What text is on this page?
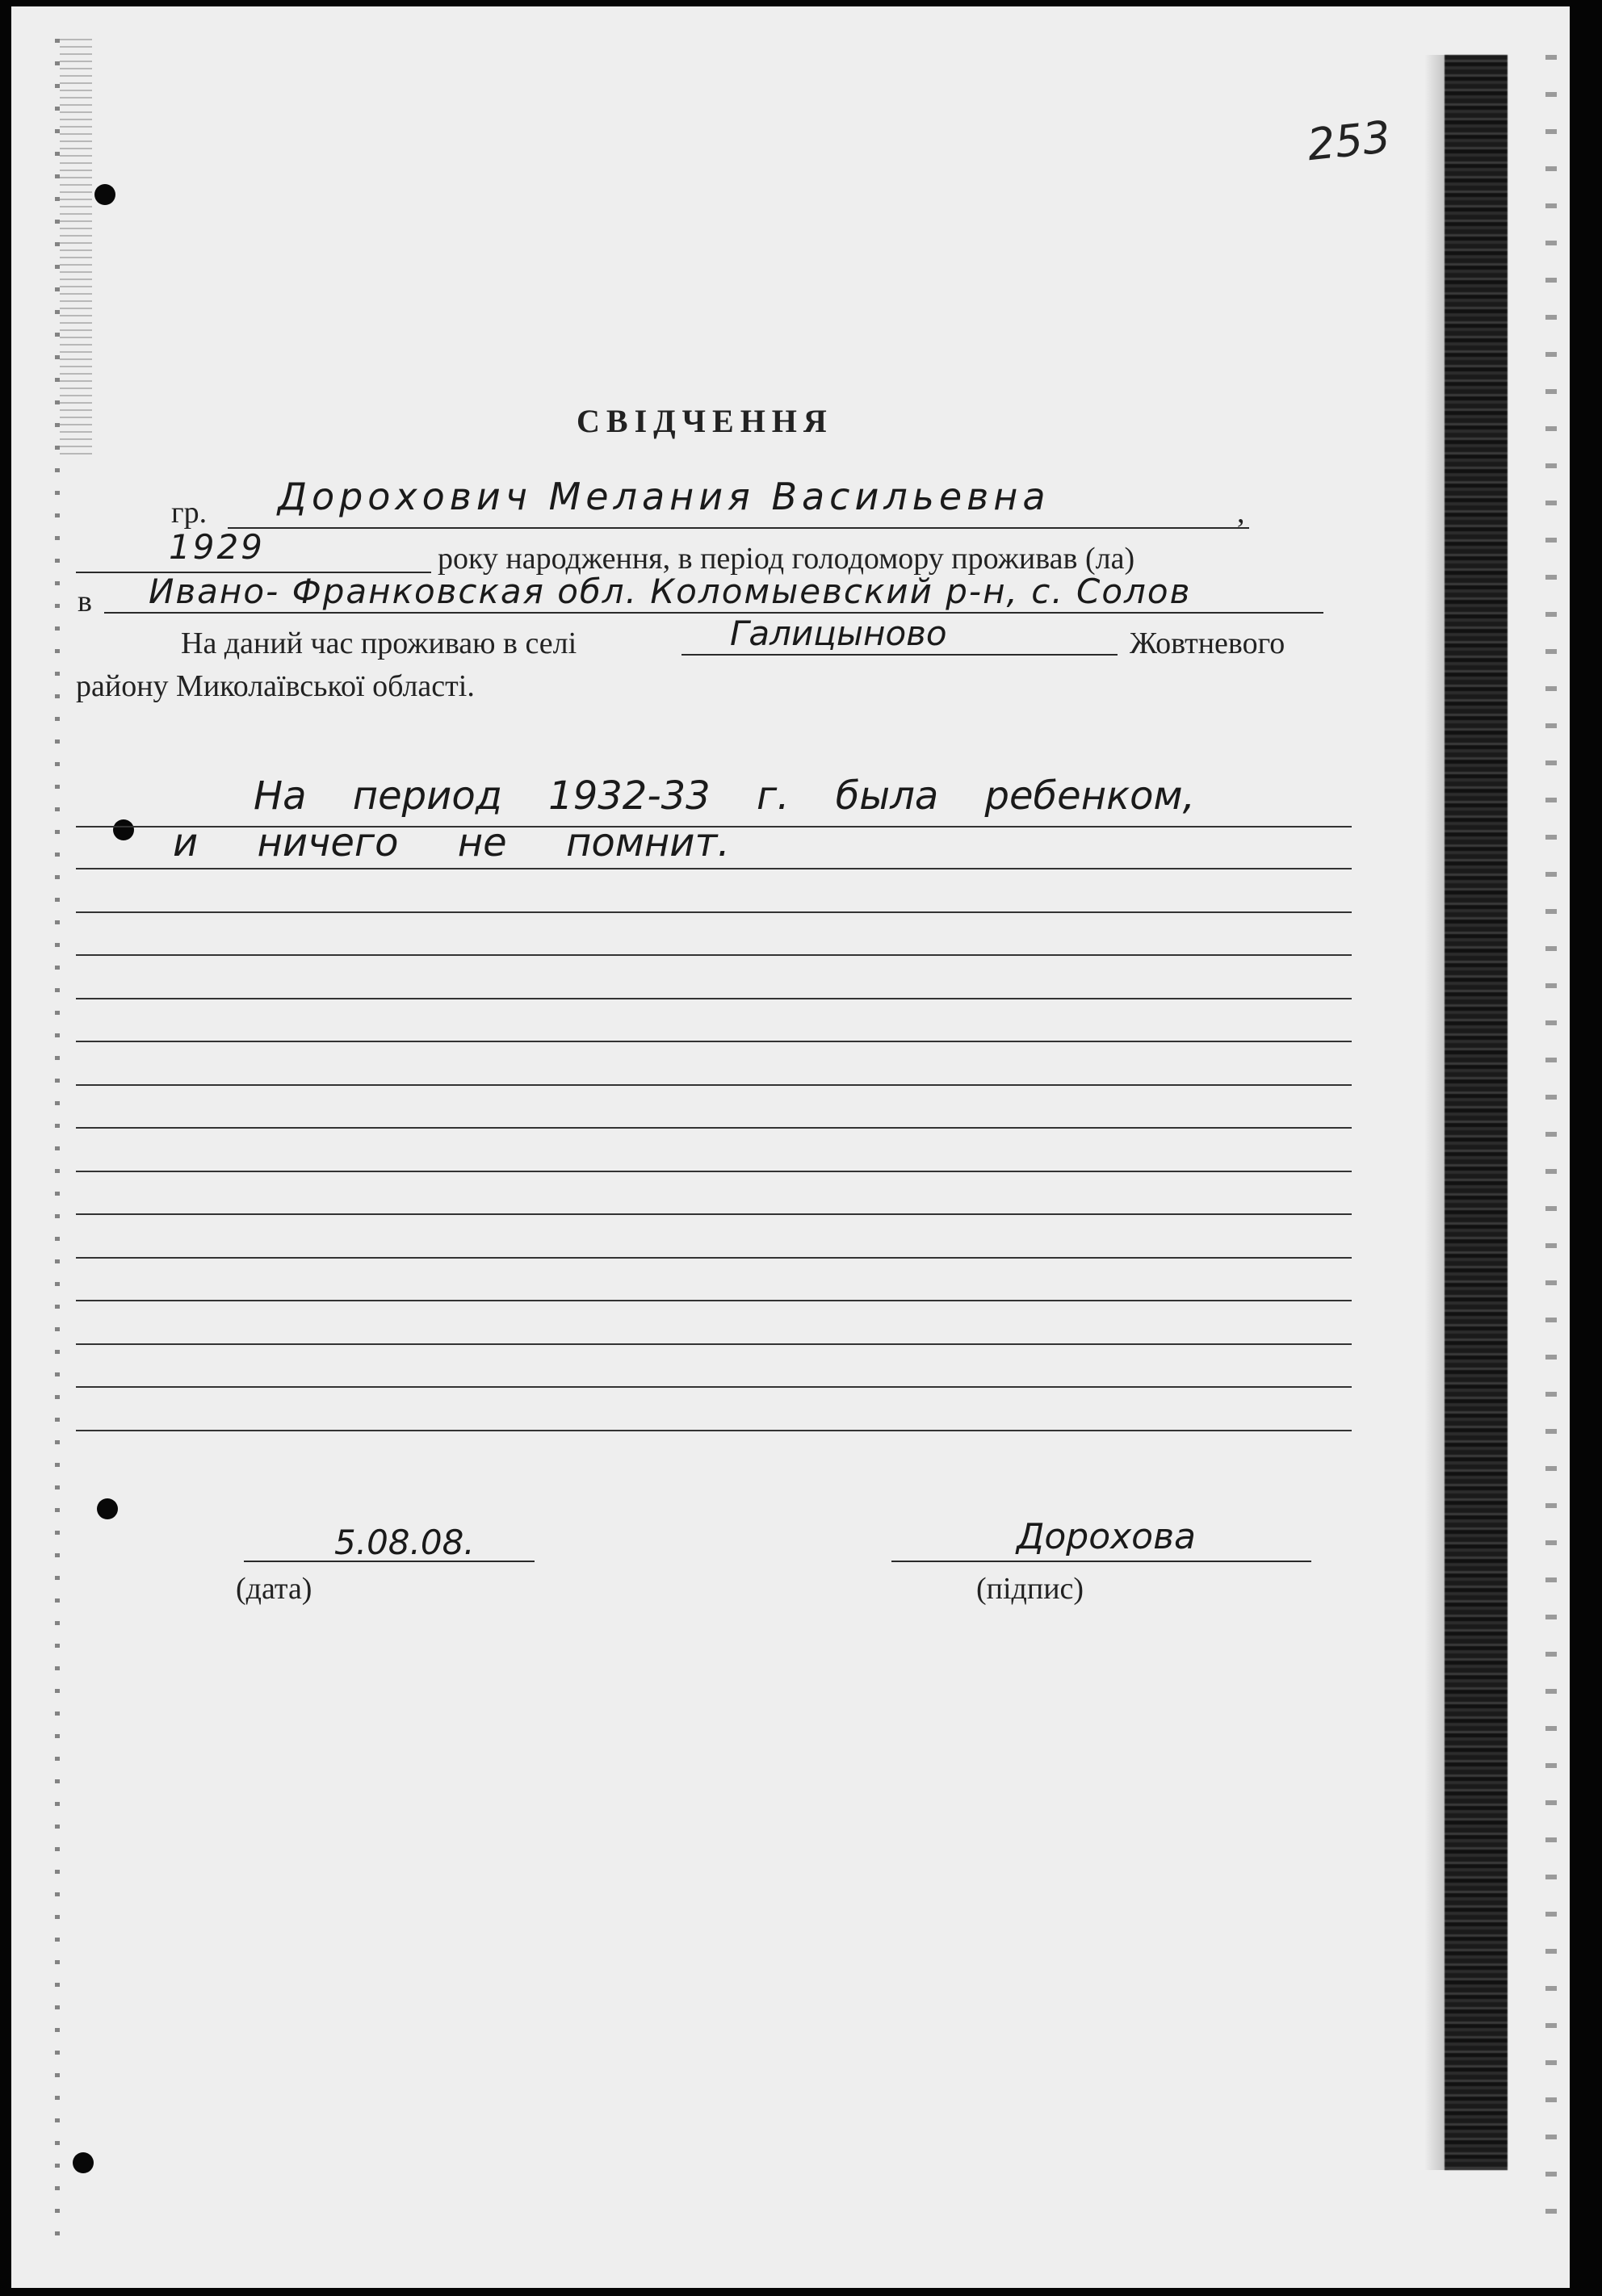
253
СВІДЧЕННЯ
гр. Дорохович Мелания Васильевна	,
1929	року народження, в період голодомору проживав (ла)
в Ивано- Франковская обл. Коломыевский р-н, с. Солов
На даний час проживаю в селі	Галицыново	Жовтневого
району Миколаївської області.
На период 1932-33 г. была ребенком,
и ничего не помнит.
5.08.08.
(дата)
Дорохова
(підпис)
